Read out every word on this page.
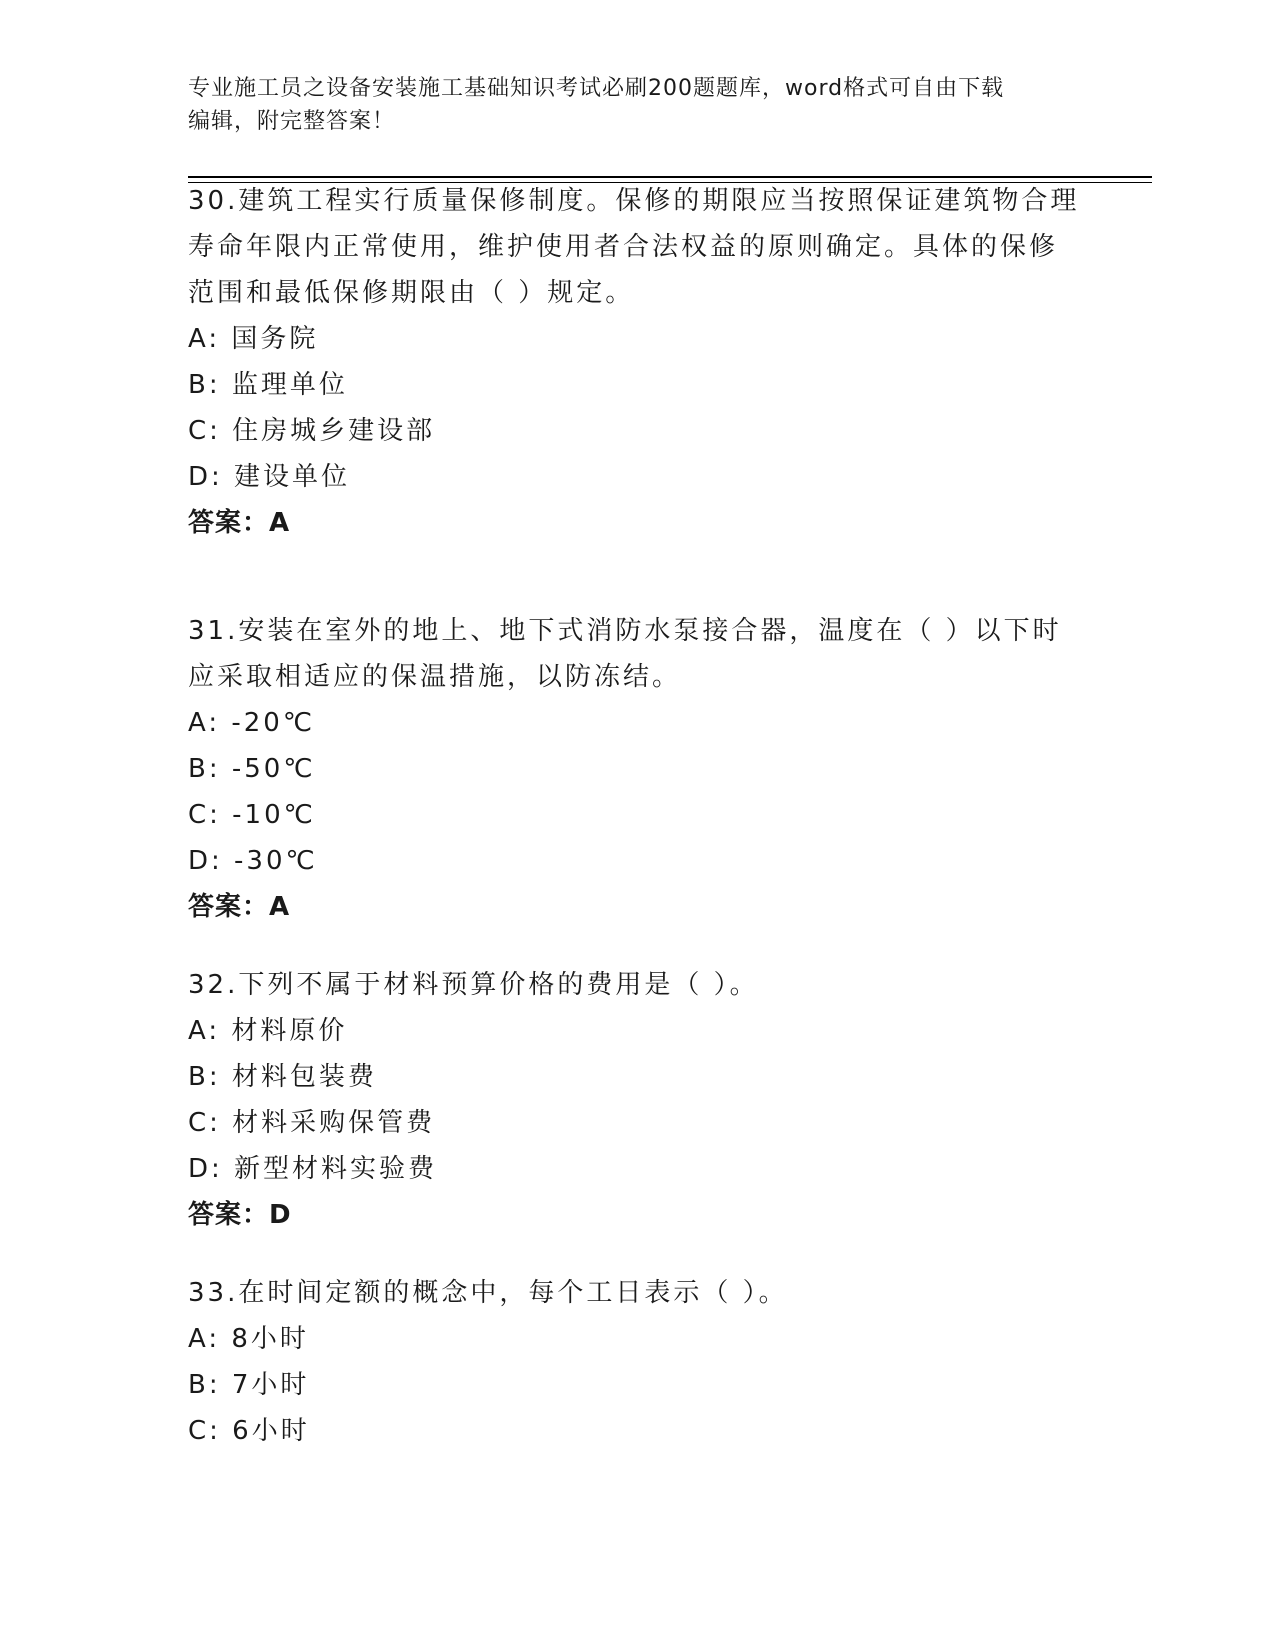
专业施工员之设备安装施工基础知识考试必刷200题题库，word格式可自由下载
编辑，附完整答案！
30.建筑工程实行质量保修制度。保修的期限应当按照保证建筑物合理
寿命年限内正常使用，维护使用者合法权益的原则确定。具体的保修
范围和最低保修期限由（ ）规定。
A: 国务院
B: 监理单位
C: 住房城乡建设部
D: 建设单位
答案：A
31.安装在室外的地上、地下式消防水泵接合器，温度在（ ）以下时
应采取相适应的保温措施，以防冻结。
A: -20℃
B: -50℃
C: -10℃
D: -30℃
答案：A
32.下列不属于材料预算价格的费用是（ ）。
A: 材料原价
B: 材料包装费
C: 材料采购保管费
D: 新型材料实验费
答案：D
33.在时间定额的概念中，每个工日表示（ ）。
A: 8小时
B: 7小时
C: 6小时
